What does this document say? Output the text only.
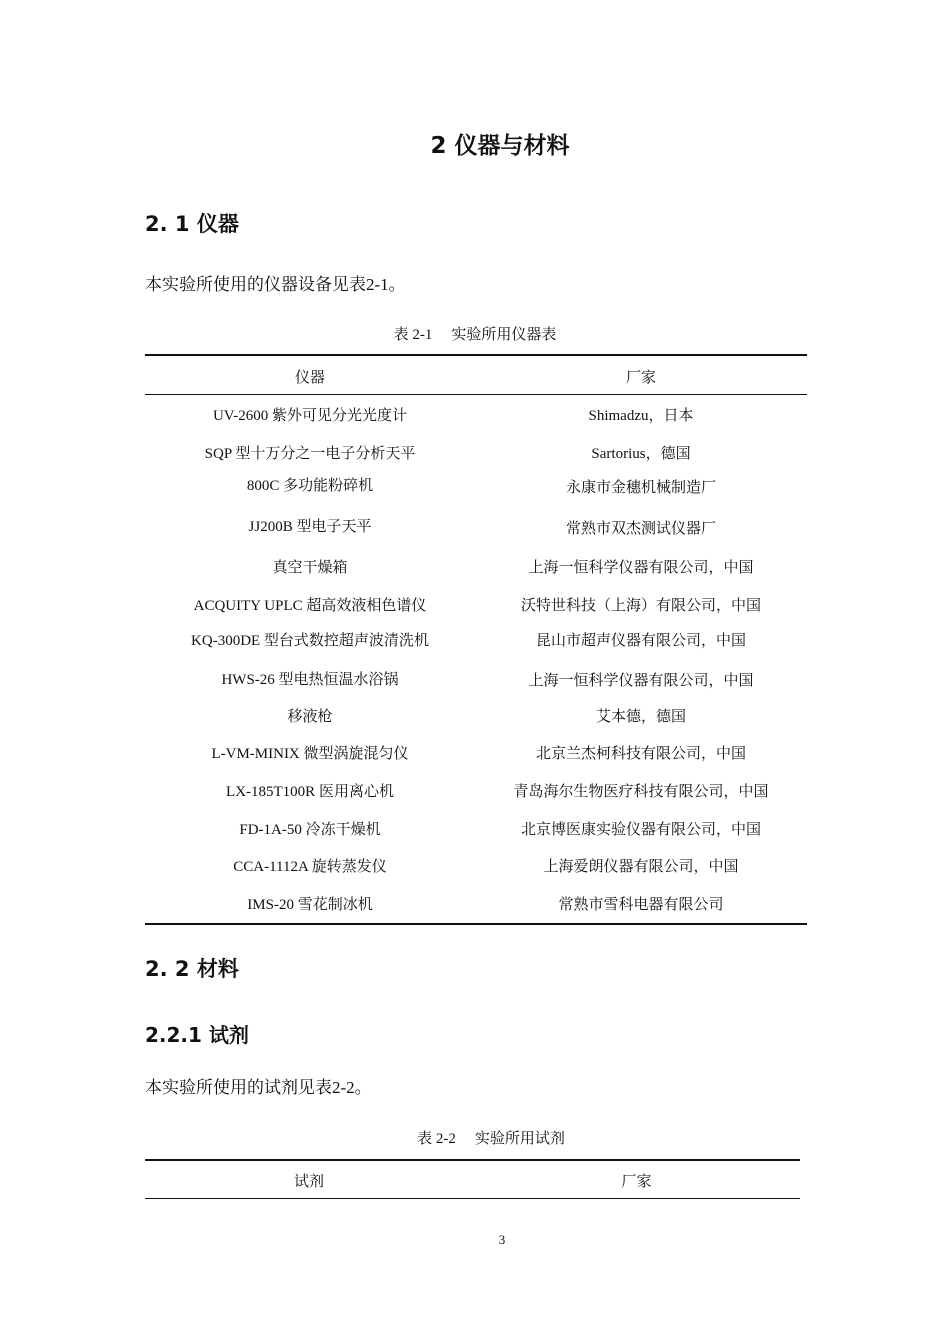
2 仪器与材料
2. 1 仪器
本实验所使用的仪器设备见表2-1。
表 2-1 实验所用仪器表
仪器	厂家
UV-2600 紫外可见分光光度计	Shimadzu，日本
SQP 型十万分之一电子分析天平	Sartorius，德国
800C 多功能粉碎机	永康市金穗机械制造厂
JJ200B 型电子天平	常熟市双杰测试仪器厂
真空干燥箱	上海一恒科学仪器有限公司，中国
ACQUITY UPLC 超高效液相色谱仪	沃特世科技（上海）有限公司，中国
KQ-300DE 型台式数控超声波清洗机	昆山市超声仪器有限公司，中国
HWS-26 型电热恒温水浴锅	上海一恒科学仪器有限公司，中国
移液枪	艾本德，德国
L-VM-MINIX 微型涡旋混匀仪	北京兰杰柯科技有限公司，中国
LX-185T100R 医用离心机	青岛海尔生物医疗科技有限公司，中国
FD-1A-50 冷冻干燥机	北京博医康实验仪器有限公司，中国
CCA-1112A 旋转蒸发仪	上海爱朗仪器有限公司，中国
IMS-20 雪花制冰机	常熟市雪科电器有限公司
2. 2 材料
2.2.1 试剂
本实验所使用的试剂见表2-2。
表 2-2 实验所用试剂
试剂	厂家
3
